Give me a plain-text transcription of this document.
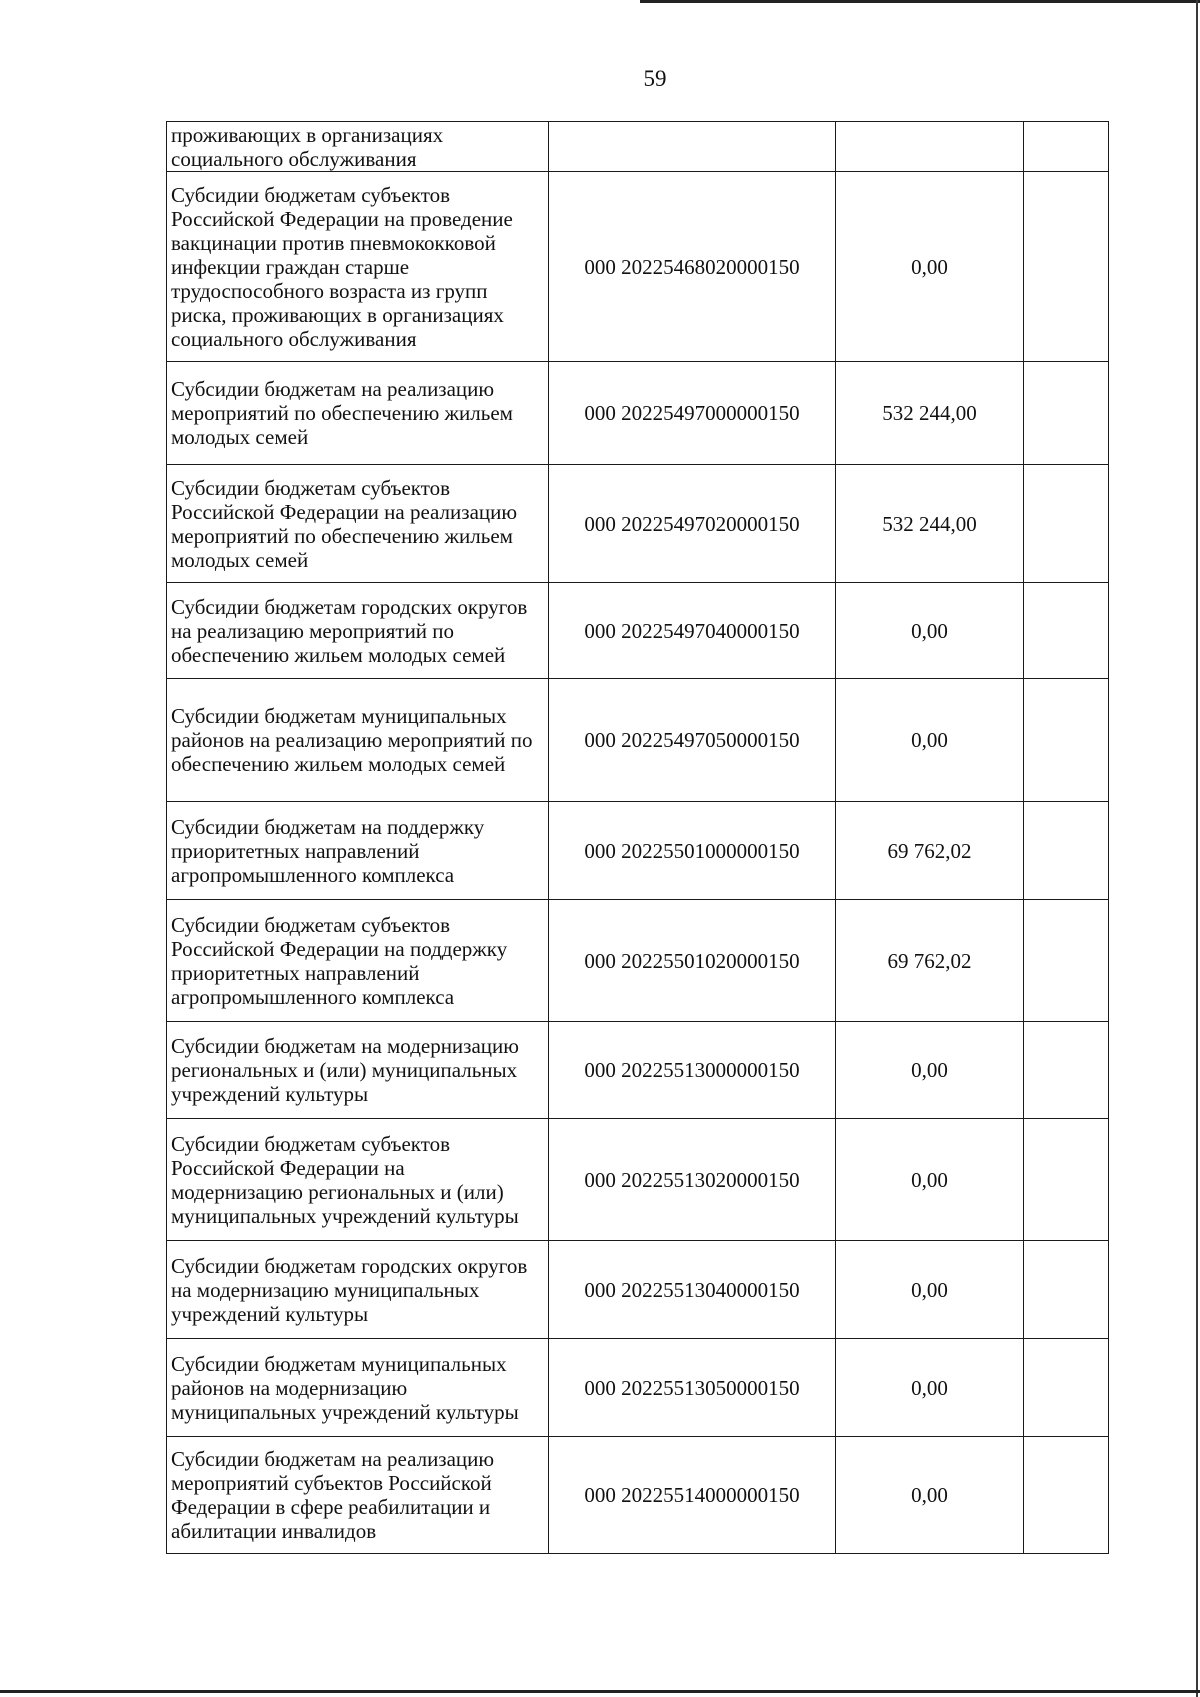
59
проживающих в организациях социального обслуживания			
Субсидии бюджетам субъектов Российской Федерации на проведение вакцинации против пневмококковой инфекции граждан старше трудоспособного возраста из групп риска, проживающих в организациях социального обслуживания	000 20225468020000150	0,00	
Субсидии бюджетам на реализацию мероприятий по обеспечению жильем молодых семей	000 20225497000000150	532 244,00	
Субсидии бюджетам субъектов Российской Федерации на реализацию мероприятий по обеспечению жильем молодых семей	000 20225497020000150	532 244,00	
Субсидии бюджетам городских округов на реализацию мероприятий по обеспечению жильем молодых семей	000 20225497040000150	0,00	
Субсидии бюджетам муниципальных районов на реализацию мероприятий по обеспечению жильем молодых семей	000 20225497050000150	0,00	
Субсидии бюджетам на поддержку приоритетных направлений агропромышленного комплекса	000 20225501000000150	69 762,02	
Субсидии бюджетам субъектов Российской Федерации на поддержку приоритетных направлений агропромышленного комплекса	000 20225501020000150	69 762,02	
Субсидии бюджетам на модернизацию региональных и (или) муниципальных учреждений культуры	000 20225513000000150	0,00	
Субсидии бюджетам субъектов Российской Федерации на модернизацию региональных и (или) муниципальных учреждений культуры	000 20225513020000150	0,00	
Субсидии бюджетам городских округов на модернизацию муниципальных учреждений культуры	000 20225513040000150	0,00	
Субсидии бюджетам муниципальных районов на модернизацию муниципальных учреждений культуры	000 20225513050000150	0,00	
Субсидии бюджетам на реализацию мероприятий субъектов Российской Федерации в сфере реабилитации и абилитации инвалидов	000 20225514000000150	0,00	
